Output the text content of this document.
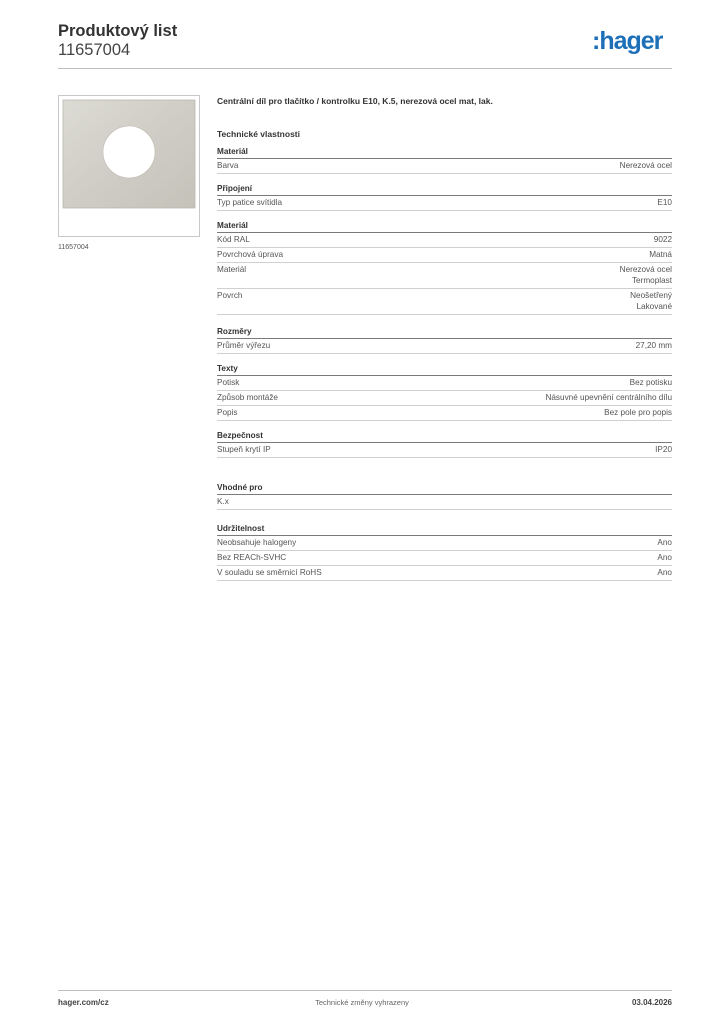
Produktový list
11657004	:hager
11657004
Centrální díl pro tlačítko / kontrolku E10, K.5, nerezová ocel mat, lak.
Technické vlastnosti
Materiál
Barva	Nerezová ocel
Připojení
Typ patice svítidla	E10
Materiál
Kód RAL	9022
Povrchová úprava	Matná
Materiál	Nerezová ocel
Termoplast
Povrch	Neošetřený
Lakované
Rozměry
Průměr výřezu	27,20 mm
Texty
Potisk	Bez potisku
Způsob montáže	Násuvné upevnění centrálního dílu
Popis	Bez pole pro popis
Bezpečnost
Stupeň krytí IP	IP20
Vhodné pro
K.x
Udržitelnost
Neobsahuje halogeny	Ano
Bez REACh-SVHC	Ano
V souladu se směrnicí RoHS	Ano
hager.com/cz	Technické změny vyhrazeny	03.04.2026
